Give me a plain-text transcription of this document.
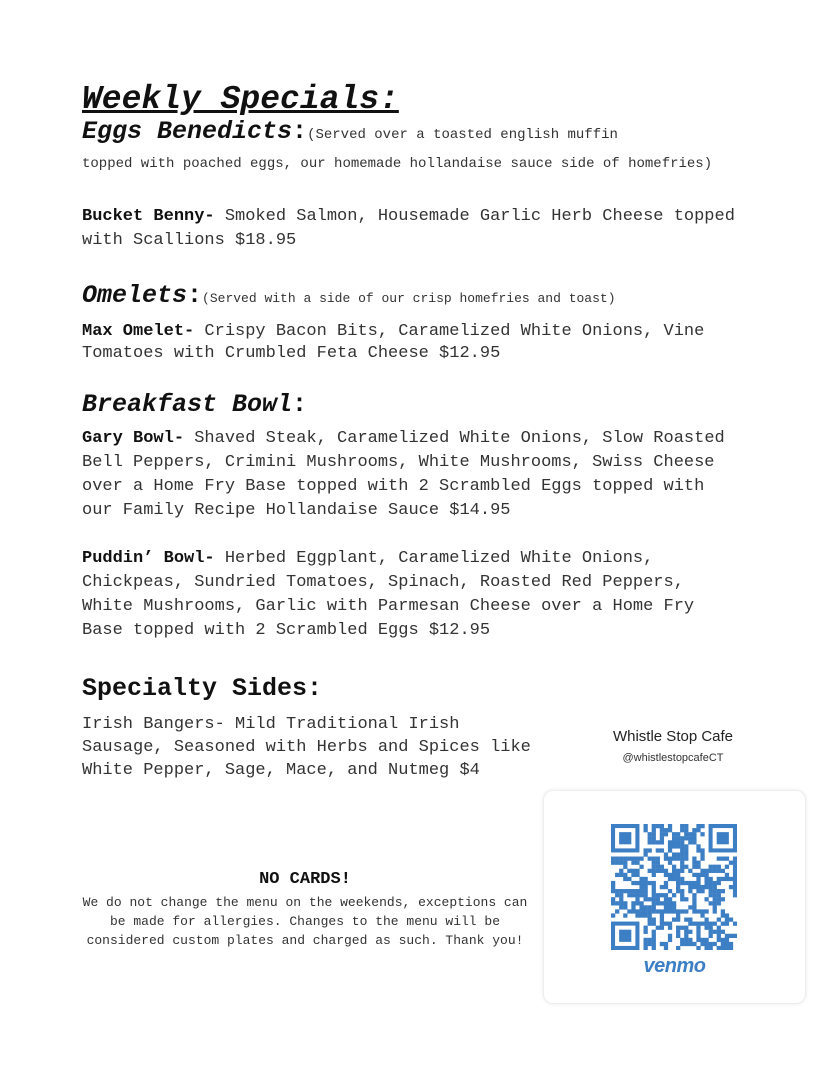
Weekly Specials:
Eggs Benedicts:(Served over a toasted english muffin
topped with poached eggs, our homemade hollandaise sauce side of homefries)
Bucket Benny- Smoked Salmon, Housemade Garlic Herb Cheese topped with Scallions $18.95
Omelets:(Served with a side of our crisp homefries and toast)
Max Omelet- Crispy Bacon Bits, Caramelized White Onions, Vine Tomatoes with Crumbled Feta Cheese $12.95
Breakfast Bowl:
Gary Bowl- Shaved Steak, Caramelized White Onions, Slow Roasted Bell Peppers, Crimini Mushrooms, White Mushrooms, Swiss Cheese over a Home Fry Base topped with 2 Scrambled Eggs topped with our Family Recipe Hollandaise Sauce $14.95
Puddin’ Bowl- Herbed Eggplant, Caramelized White Onions, Chickpeas, Sundried Tomatoes, Spinach, Roasted Red Peppers, White Mushrooms, Garlic with Parmesan Cheese over a Home Fry Base topped with 2 Scrambled Eggs $12.95
Specialty Sides:
Irish Bangers- Mild Traditional Irish Sausage, Seasoned with Herbs and Spices like White Pepper, Sage, Mace, and Nutmeg $4
NO CARDS!
We do not change the menu on the weekends, exceptions can be made for allergies. Changes to the menu will be considered custom plates and charged as such. Thank you!
Whistle Stop Cafe
@whistlestopcafeCT
venmo
